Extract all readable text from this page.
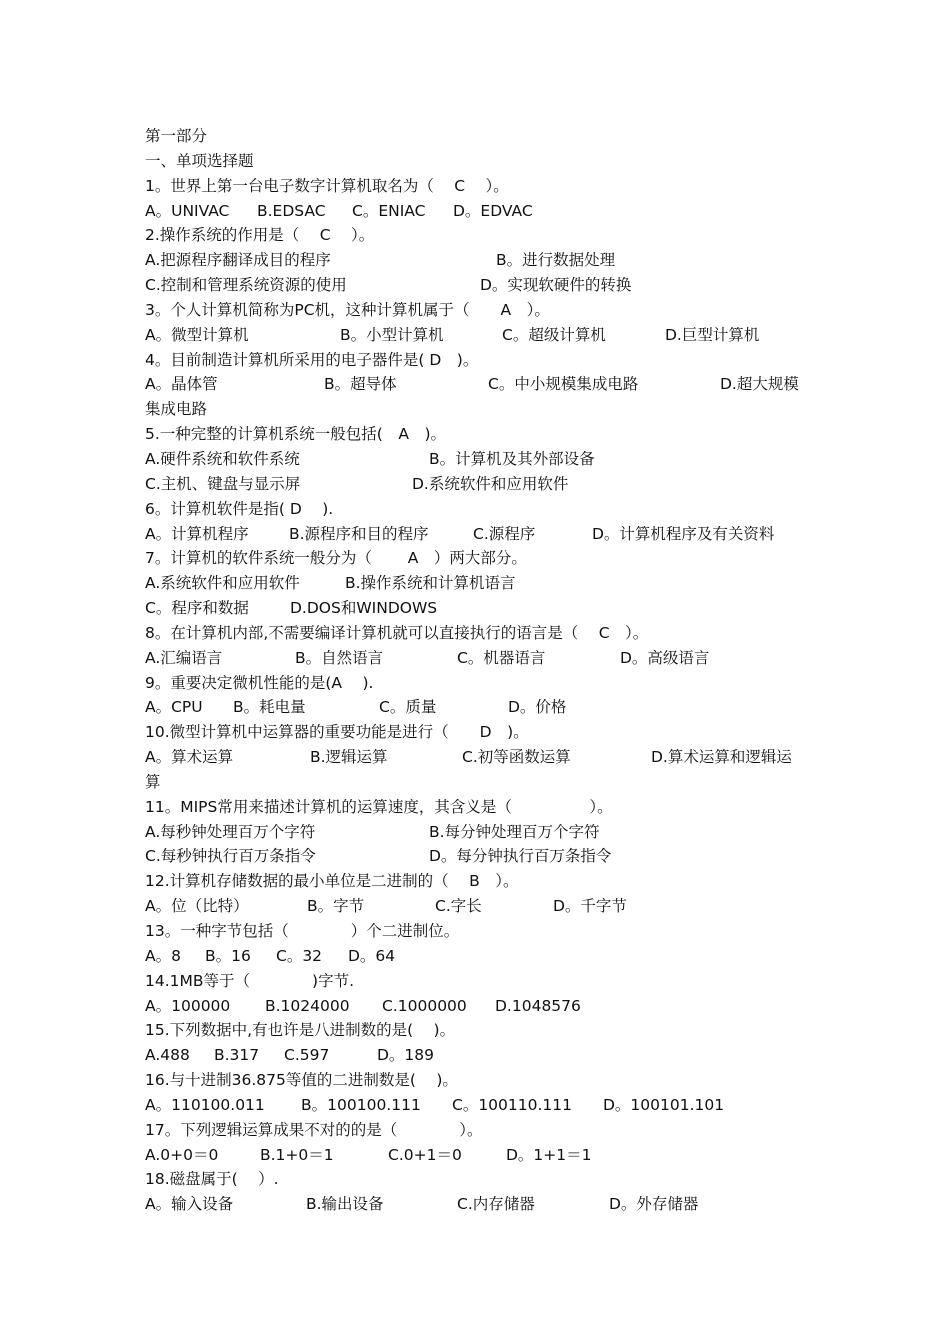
第一部分
一、单项选择题
1。世界上第一台电子数字计算机取名为（　 C 　）。
A。UNIVAC B.EDSAC C。ENIAC D。EDVAC
2.操作系统的作用是（　 C 　）。
A.把源程序翻译成目的程序	B。进行数据处理
C.控制和管理系统资源的使用	D。实现软硬件的转换
3。个人计算机简称为PC机，这种计算机属于（　　A　）。
A。微型计算机	B。小型计算机	C。超级计算机	D.巨型计算机
4。目前制造计算机所采用的电子器件是( D　)。
A。晶体管	B。超导体	C。中小规模集成电路	D.超大规模
集成电路
5.一种完整的计算机系统一般包括(　A　)。
A.硬件系统和软件系统	B。计算机及其外部设备
C.主机、键盘与显示屏	D.系统软件和应用软件
6。计算机软件是指( D 　).
A。计算机程序	B.源程序和目的程序	C.源程序	D。计算机程序及有关资料
7。计算机的软件系统一般分为（　　 A　）两大部分。
A.系统软件和应用软件	B.操作系统和计算机语言
C。程序和数据	D.DOS和WINDOWS
8。在计算机内部,不需要编译计算机就可以直接执行的语言是（　 C　）。
A.汇编语言	B。自然语言	C。机器语言	D。高级语言
9。重要决定微机性能的是(A　 ).
A。CPU B。耗电量	C。质量	D。价格
10.微型计算机中运算器的重要功能是进行（　　D　)。
A。算术运算	B.逻辑运算	C.初等函数运算	D.算术运算和逻辑运
算
11。MIPS常用来描述计算机的运算速度，其含义是（　　　　　）。
A.每秒钟处理百万个字符	B.每分钟处理百万个字符
C.每秒钟执行百万条指令	D。每分钟执行百万条指令
12.计算机存储数据的最小单位是二进制的（　 B　）。
A。位（比特）	B。字节	C.字长	D。千字节
13。一种字节包括（　　　　）个二进制位。
A。8 B。16 C。32 D。64
14.1MB等于（　　　　)字节.
A。100000 B.1024000 C.1000000 D.1048576
15.下列数据中,有也许是八进制数的是(　 )。
A.488 B.317 C.597	D。189
16.与十进制36.875等值的二进制数是(　 )。
A。110100.011 B。100100.111 C。100110.111 D。100101.101
17。下列逻辑运算成果不对的的是（　　　　）。
A.0+0＝0	B.1+0＝1	C.0+1＝0	D。1+1＝1
18.磁盘属于(　 ）.
A。输入设备	B.输出设备	C.内存储器	D。外存储器
